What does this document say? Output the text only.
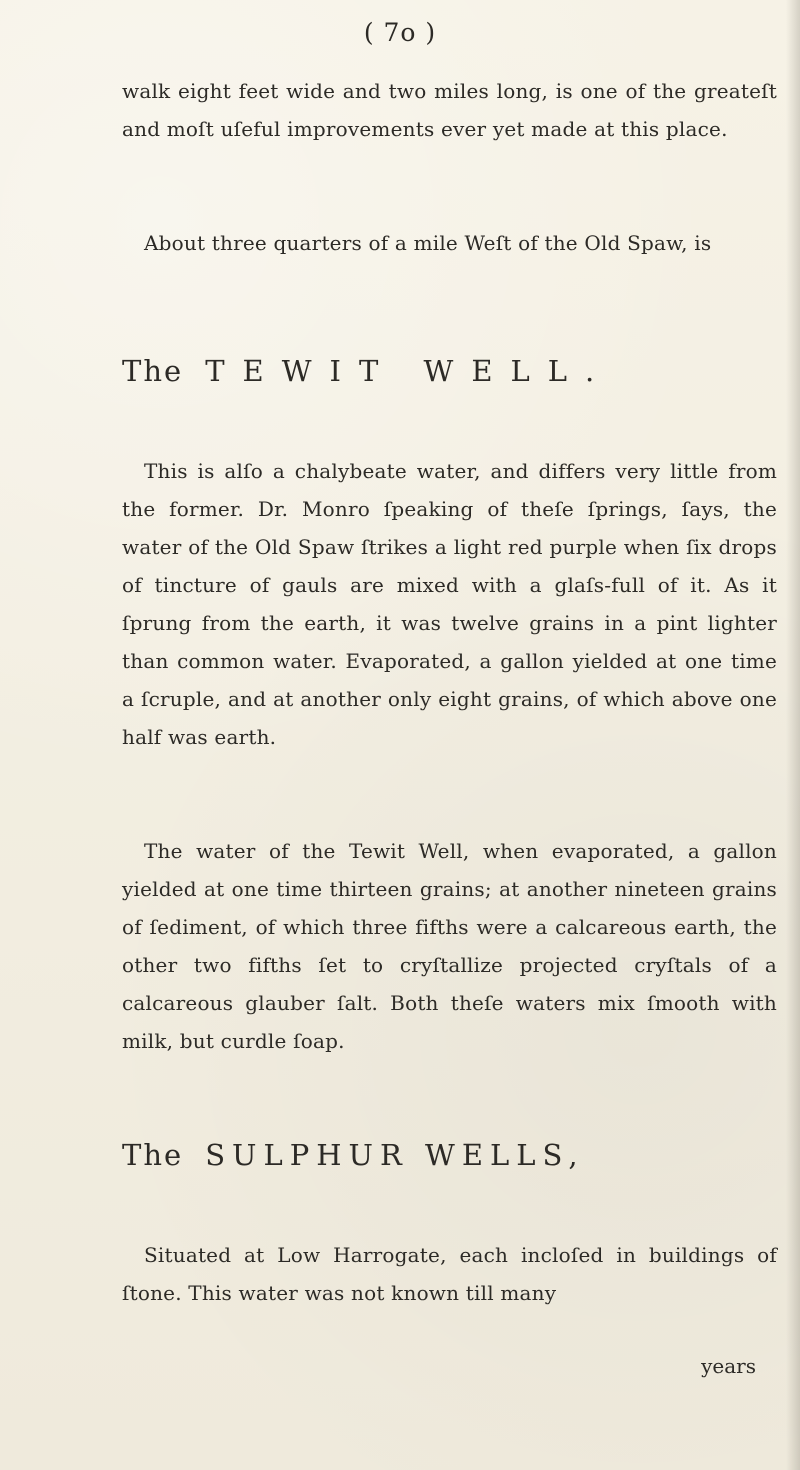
( 7o )

walk eight feet wide and two miles long, is one of the greateſt and moſt uſeful improvements ever yet made at this place.

About three quarters of a mile Weſt of the Old Spaw, is

The TEWIT WELL.

This is alſo a chalybeate water, and differs very little from the former. Dr. Monro ſpeaking of theſe ſprings, ſays, the water of the Old Spaw ſtrikes a light red purple when ſix drops of tincture of gauls are mixed with a glaſs-full of it. As it ſprung from the earth, it was twelve grains in a pint lighter than common water. Evaporated, a gallon yielded at one time a ſcruple, and at another only eight grains, of which above one half was earth.

The water of the Tewit Well, when evaporated, a gallon yielded at one time thirteen grains; at another nineteen grains of ſediment, of which three fifths were a calcareous earth, the other two fifths ſet to cryſtallize projected cryſtals of a calcareous glauber ſalt. Both theſe waters mix ſmooth with milk, but curdle ſoap.

The SULPHUR WELLS,

Situated at Low Harrogate, each incloſed in buildings of ſtone. This water was not known till many

years
